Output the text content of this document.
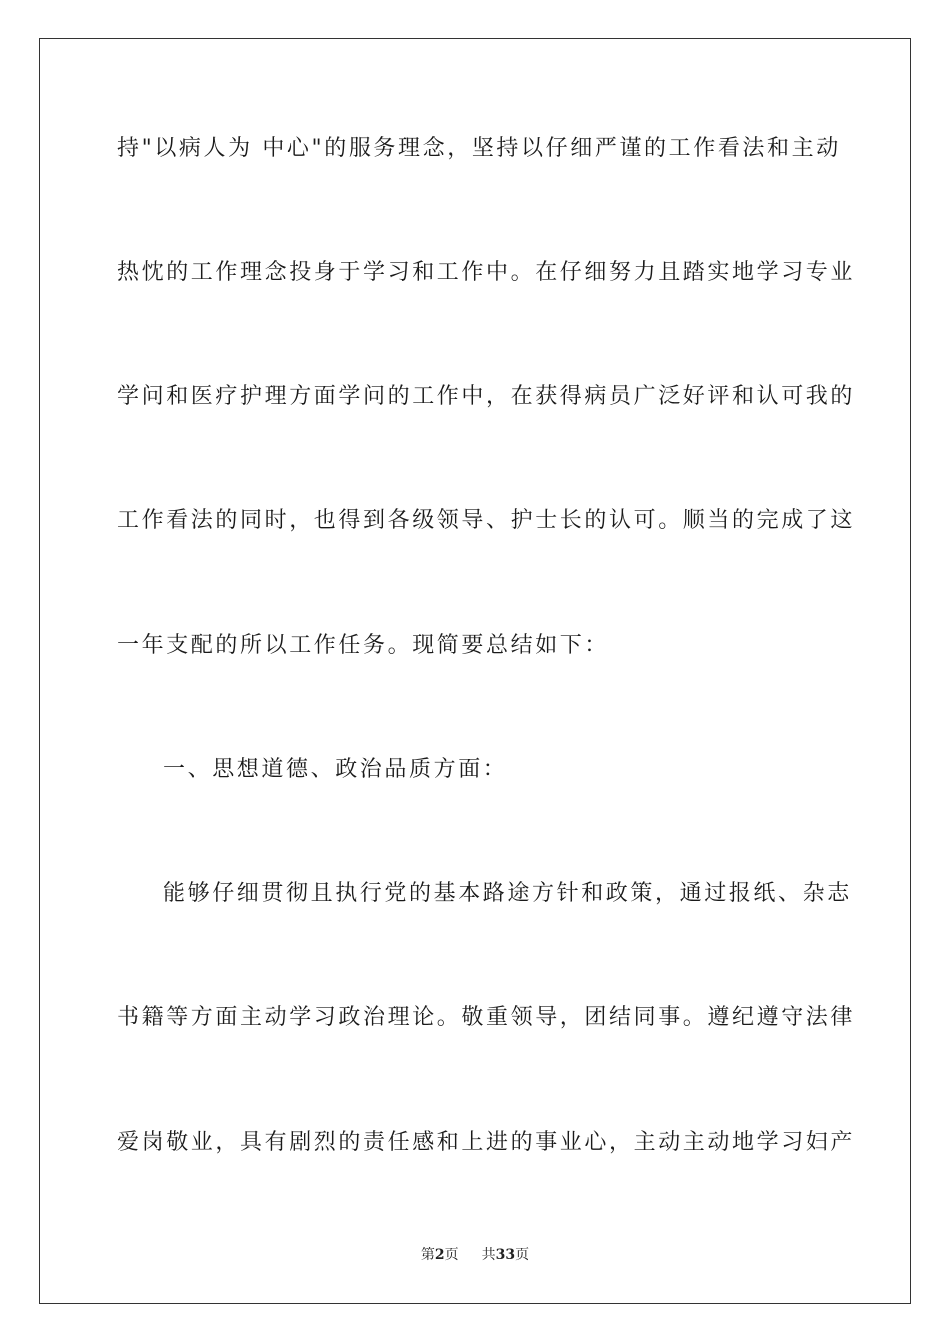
持"以病人为 中心"的服务理念，坚持以仔细严谨的工作看法和主动
热忱的工作理念投身于学习和工作中。在仔细努力且踏实地学习专业
学问和医疗护理方面学问的工作中，在获得病员广泛好评和认可我的
工作看法的同时，也得到各级领导、护士长的认可。顺当的完成了这
一年支配的所以工作任务。现简要总结如下：
一、思想道德、政治品质方面：
能够仔细贯彻且执行党的基本路途方针和政策，通过报纸、杂志
书籍等方面主动学习政治理论。敬重领导，团结同事。遵纪遵守法律
爱岗敬业，具有剧烈的责任感和上进的事业心，主动主动地学习妇产
第2页 共33页
